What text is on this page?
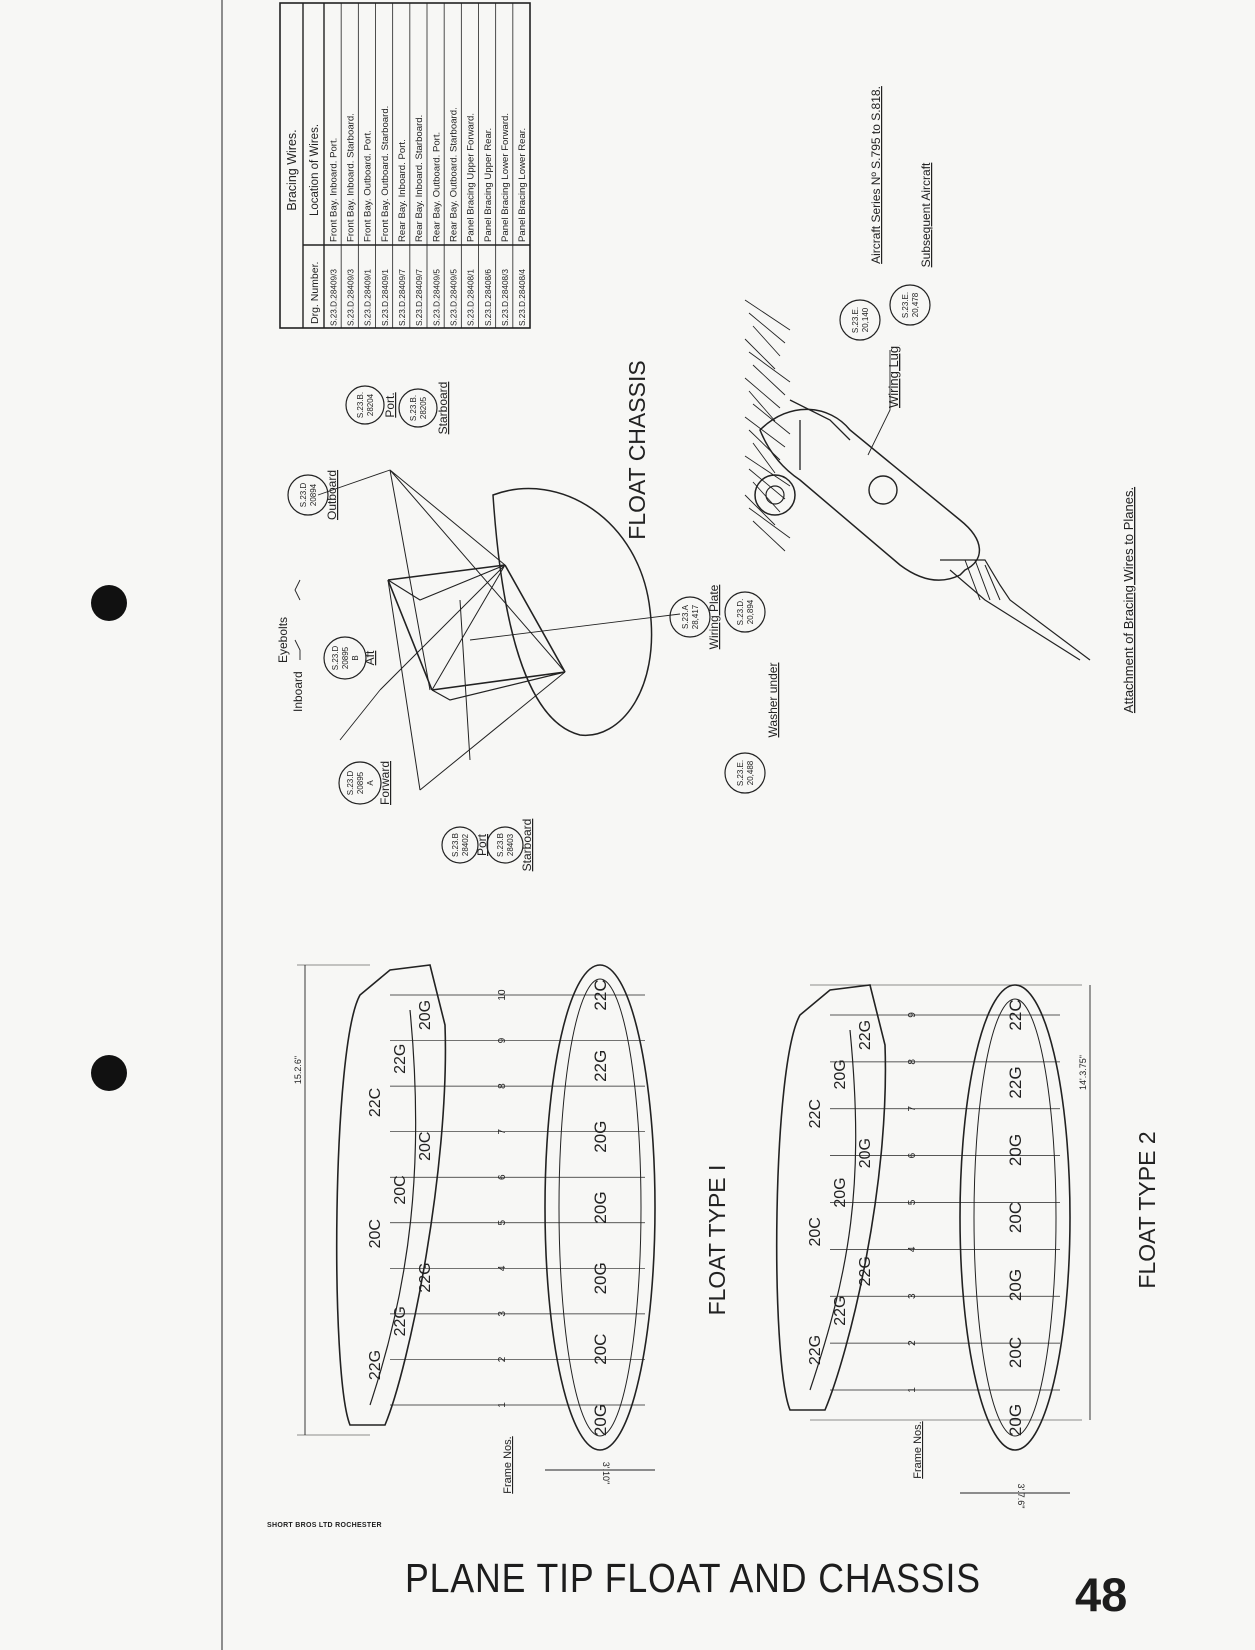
S.23.D.28409/3
Front Bay. Inboard. Port.
S.23.D.28409/3
Front Bay. Inboard. Starboard.
S.23.D.28409/1
Front Bay. Outboard. Port.
S.23.D.28409/1
Front Bay. Outboard. Starboard.
S.23.D.28409/7
Rear Bay. Inboard. Port.
S.23.D.28409/7
Rear Bay. Inboard. Starboard.
S.23.D.28409/5
Rear Bay. Outboard. Port.
S.23.D.28409/5
Rear Bay. Outboard. Starboard.
S.23.D.28408/1
Panel Bracing Upper Forward.
S.23.D.28408/6
Panel Bracing Upper Rear.
S.23.D.28408/3
Panel Bracing Lower Forward.
S.23.D.28408/4
Panel Bracing Lower Rear.
Bracing Wires. Location of Wires.
Drg. Number.
FLOAT CHASSIS
Inboard
Eyebolts
S.23.B. 28204 Port. S.23.B. 28205 Starboard
S.23.D 20894 Outboard
S.23.D 20895 B Aft
S.23.D 20895 A Forward
S.23.B 28402 Port S.23.B 28403 Starboard
S.23.A 28,417 Wiring Plate	Attachment of Bracing Wires to Planes.
Wiring Lug
S.23.D. 20,894
Washer under
S.23.E. 20,488
S.23.E. 20,140
Aircraft Series Nº S.795 to S.818.
S.23.E. 20,478
Subsequent Aircraft
1
2
3
4
5
6
7
8
9
10
Frame Nos.
22G
22G
22G
20C
20C
20C
22C
22G
20G
20G
20C
20G
20G
20G
22G
22C
15.2.6"
3'.10"
FLOAT TYPE I
1
2
3
4
5
6
7
8
9
Frame Nos.
22G
22G
22G
20C
20G
20G
22C
20G
22G
20G
20C
20G
20C
20G
22G
22C
14'.3.75"
3'.7.6"
FLOAT TYPE 2
SHORT BROS LTD ROCHESTER
PLANE TIP FLOAT AND CHASSIS 48
